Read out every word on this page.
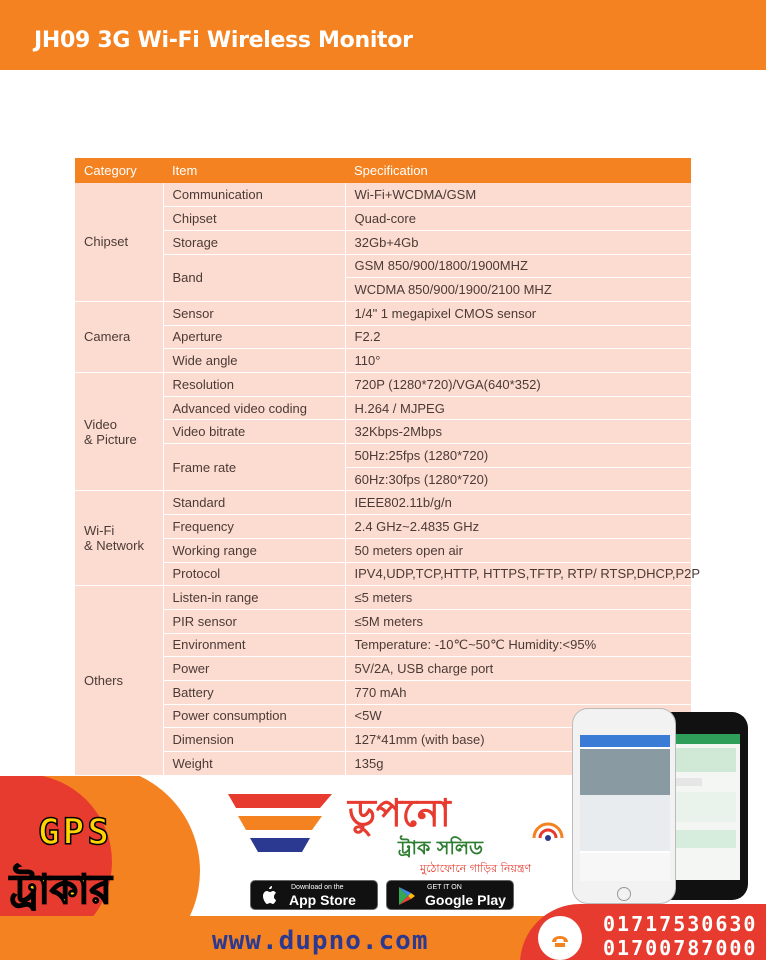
JH09 3G Wi-Fi Wireless Monitor
Category	Item	Specification
Chipset	Communication	Wi-Fi+WCDMA/GSM
	Chipset	Quad-core
	Storage	32Gb+4Gb
	Band	GSM 850/900/1800/1900MHZ
		WCDMA 850/900/1900/2100 MHZ
Camera	Sensor	1/4" 1 megapixel CMOS sensor
	Aperture	F2.2
	Wide angle	110°
Video
& Picture	Resolution	720P (1280*720)/VGA(640*352)
	Advanced video coding	H.264 / MJPEG
	Video bitrate	32Kbps-2Mbps
	Frame rate	50Hz:25fps (1280*720)
		60Hz:30fps (1280*720)
Wi-Fi
& Network	Standard	IEEE802.11b/g/n
	Frequency	2.4 GHz~2.4835 GHz
	Working range	50 meters open air
	Protocol	IPV4,UDP,TCP,HTTP, HTTPS,TFTP, RTP/ RTSP,DHCP,P2P
Others	Listen-in range	≤5 meters
	PIR sensor	≤5M meters
	Environment	Temperature: -10℃~50℃ Humidity:<95%
	Power	5V/2A, USB charge port
	Battery	770 mAh
	Power consumption	<5W
	Dimension	127*41mm (with base)
	Weight	135g
GPS
ট্রাকার
ডুপনো
ট্রাক সলিড
মুঠোফোনে গাড়ির নিয়ন্ত্রণ
Download on the
App Store
GET IT ON
Google Play
www.dupno.com
01717530630
01700787000
